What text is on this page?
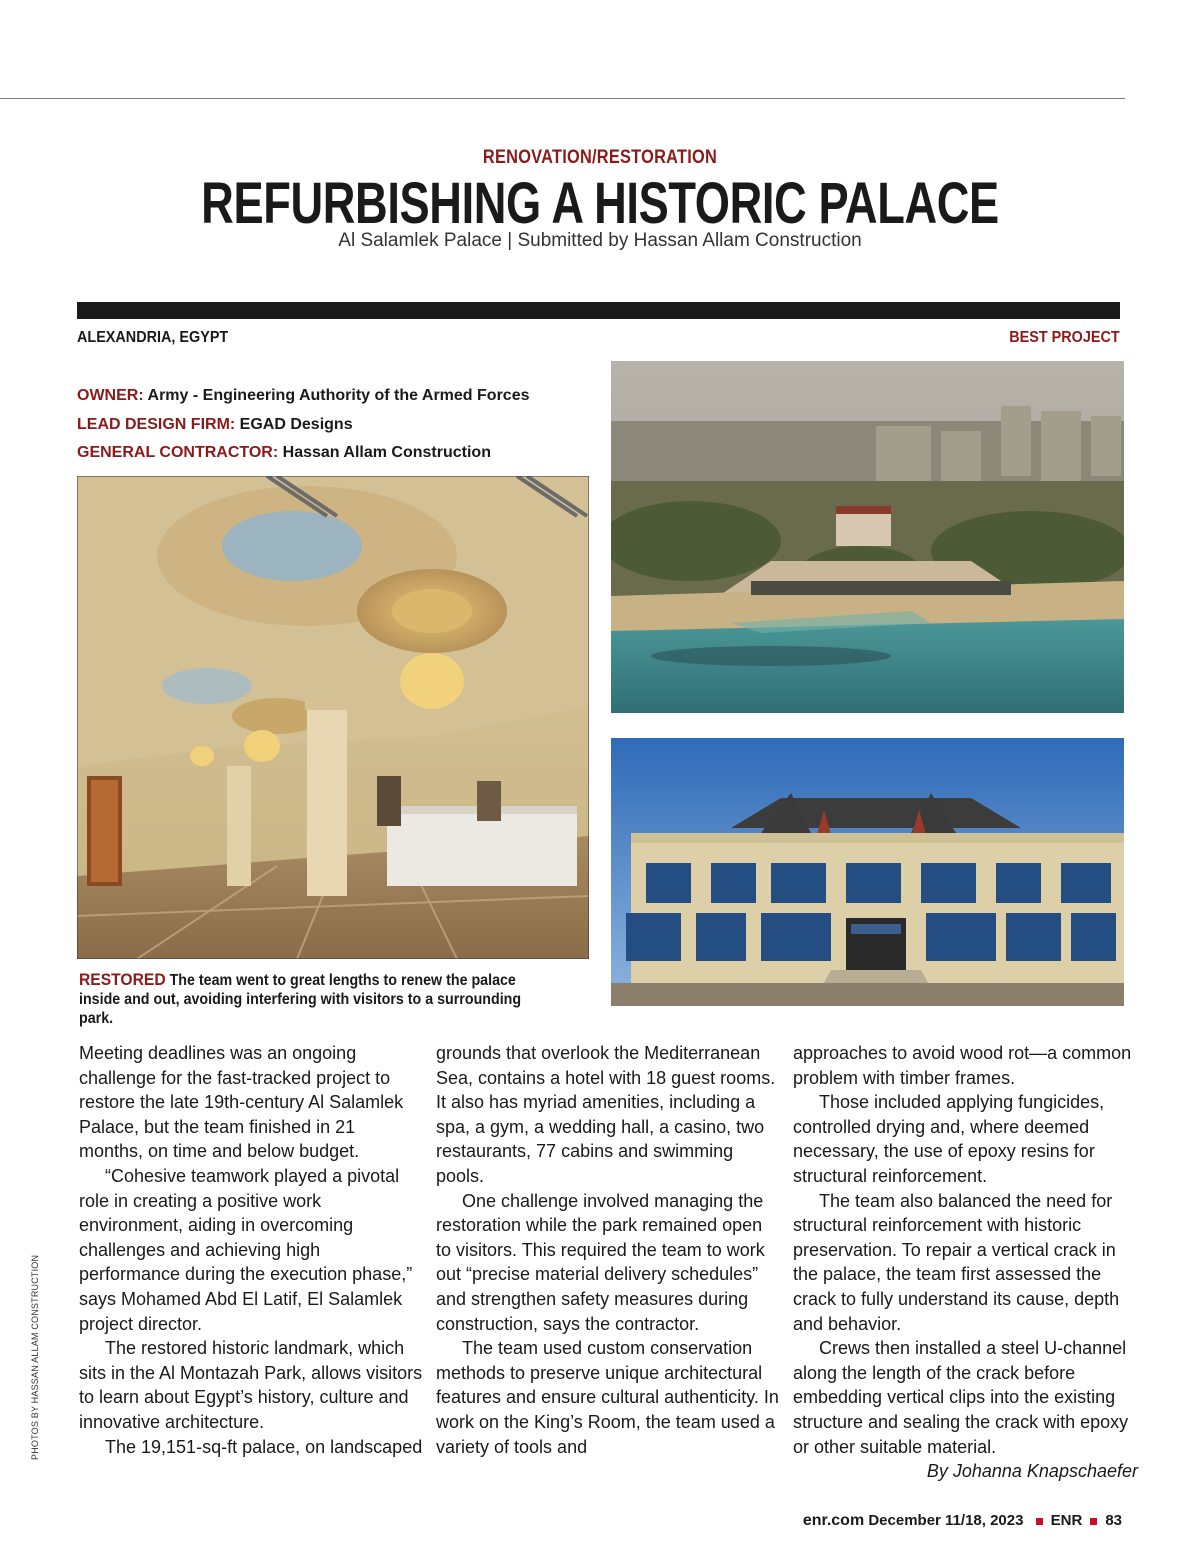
RENOVATION/RESTORATION
REFURBISHING A HISTORIC PALACE
Al Salamlek Palace | Submitted by Hassan Allam Construction
ALEXANDRIA, EGYPT	BEST PROJECT
OWNER: Army - Engineering Authority of the Armed Forces
LEAD DESIGN FIRM: EGAD Designs
GENERAL CONTRACTOR: Hassan Allam Construction
RESTORED The team went to great lengths to renew the palace inside and out, avoiding interfering with visitors to a surrounding park.

Meeting deadlines was an ongoing challenge for the fast-tracked project to restore the late 19th-century Al Salamlek Palace, but the team finished in 21 months, on time and below budget.

“Cohesive teamwork played a pivotal role in creating a positive work environment, aiding in overcoming challenges and achieving high performance during the execution phase,” says Mohamed Abd El Latif, El Salamlek project director.

The restored historic landmark, which sits in the Al Montazah Park, allows visitors to learn about Egypt’s history, culture and innovative architecture.

The 19,151-sq-ft palace, on landscaped

grounds that overlook the Mediterranean Sea, contains a hotel with 18 guest rooms. It also has myriad amenities, including a spa, a gym, a wedding hall, a casino, two restaurants, 77 cabins and swimming pools.

One challenge involved managing the restoration while the park remained open to visitors. This required the team to work out “precise material delivery schedules” and strengthen safety measures during construction, says the contractor.

The team used custom conservation methods to preserve unique architectural features and ensure cultural authenticity. In work on the King’s Room, the team used a variety of tools and

approaches to avoid wood rot—a common problem with timber frames.

Those included applying fungicides, controlled drying and, where deemed necessary, the use of epoxy resins for structural reinforcement.

The team also balanced the need for structural reinforcement with historic preservation. To repair a vertical crack in the palace, the team first assessed the crack to fully understand its cause, depth and behavior.

Crews then installed a steel U-channel along the length of the crack before embedding vertical clips into the existing structure and sealing the crack with epoxy or other suitable material.

By Johanna Knapschaefer

PHOTOS BY HASSAN ALLAM CONSTRUCTION
enr.com December 11/18, 2023 ENR 83
